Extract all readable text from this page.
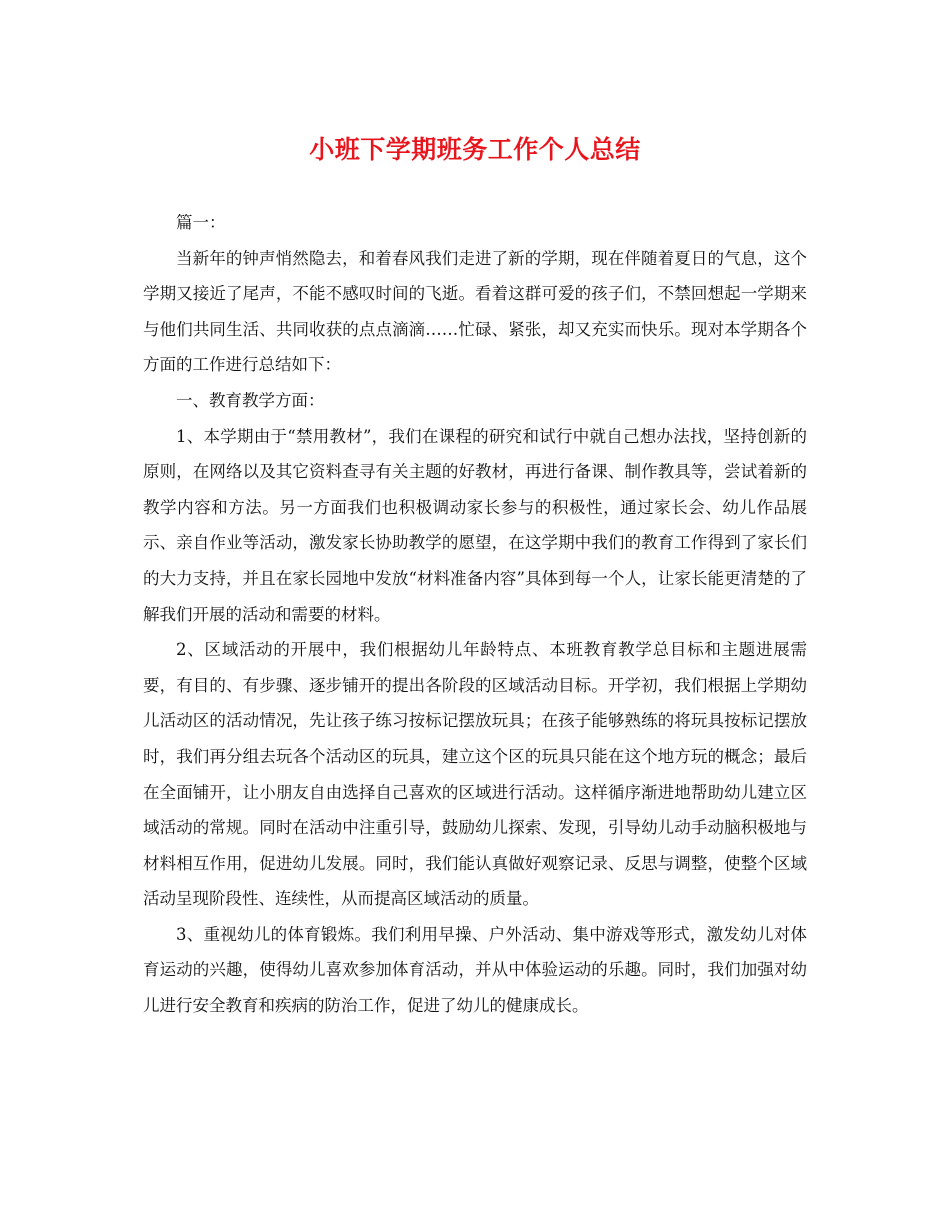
小班下学期班务工作个人总结

篇一：

当新年的钟声悄然隐去，和着春风我们走进了新的学期，现在伴随着夏日的气息，这个学期又接近了尾声，不能不感叹时间的飞逝。看着这群可爱的孩子们，不禁回想起一学期来与他们共同生活、共同收获的点点滴滴……忙碌、紧张，却又充实而快乐。现对本学期各个方面的工作进行总结如下：

一、教育教学方面：

1、本学期由于“禁用教材”，我们在课程的研究和试行中就自己想办法找，坚持创新的原则，在网络以及其它资料查寻有关主题的好教材，再进行备课、制作教具等，尝试着新的教学内容和方法。另一方面我们也积极调动家长参与的积极性，通过家长会、幼儿作品展示、亲自作业等活动，激发家长协助教学的愿望，在这学期中我们的教育工作得到了家长们的大力支持，并且在家长园地中发放“材料准备内容”具体到每一个人，让家长能更清楚的了解我们开展的活动和需要的材料。

2、区域活动的开展中，我们根据幼儿年龄特点、本班教育教学总目标和主题进展需要，有目的、有步骤、逐步铺开的提出各阶段的区域活动目标。开学初，我们根据上学期幼儿活动区的活动情况，先让孩子练习按标记摆放玩具；在孩子能够熟练的将玩具按标记摆放时，我们再分组去玩各个活动区的玩具，建立这个区的玩具只能在这个地方玩的概念；最后在全面铺开，让小朋友自由选择自己喜欢的区域进行活动。这样循序渐进地帮助幼儿建立区域活动的常规。同时在活动中注重引导，鼓励幼儿探索、发现，引导幼儿动手动脑积极地与材料相互作用，促进幼儿发展。同时，我们能认真做好观察记录、反思与调整，使整个区域活动呈现阶段性、连续性，从而提高区域活动的质量。

3、重视幼儿的体育锻炼。我们利用早操、户外活动、集中游戏等形式，激发幼儿对体育运动的兴趣，使得幼儿喜欢参加体育活动，并从中体验运动的乐趣。同时，我们加强对幼儿进行安全教育和疾病的防治工作，促进了幼儿的健康成长。
